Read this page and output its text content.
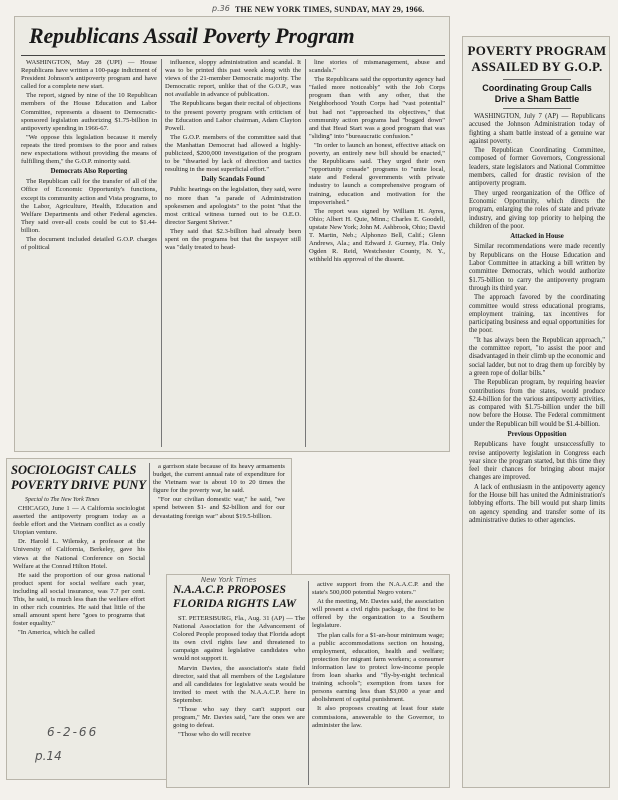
p.36 THE NEW YORK TIMES, SUNDAY, MAY 29, 1966.
Republicans Assail Poverty Program

WASHINGTON, May 28 (UPI) — House Republicans have written a 100-page indictment of President Johnson's antipoverty program and have called for a complete new start.

The report, signed by nine of the 10 Republican members of the House Education and Labor Committee, represents a dissent to Democratic-sponsored legislation authorizing $1.75-billion in antipoverty spending in 1966-67.

"We oppose this legislation because it merely repeats the tired promises to the poor and raises new expectations without providing the means of fulfilling them," the G.O.P. minority said.

Democrats Also Reporting

The Republican call for the transfer of all of the Office of Economic Opportunity's functions, except its community action and Vista programs, to the Labor, Agriculture, Health, Education and Welfare Departments and other Federal agencies. They said over-all costs could be cut to $1.44-billion.

The document included detailed G.O.P. charges of political

influence, sloppy administration and scandal. It was to be printed this past week along with the views of the 21-member Democratic majority. The Democratic report, unlike that of the G.O.P., was not available in advance of publication.

The Republicans began their recital of objections to the present poverty program with criticism of the Education and Labor chairman, Adam Clayton Powell.

The G.O.P. members of the committee said that the Manhattan Democrat had allowed a highly-publicized, $200,000 investigation of the program to be "thwarted by lack of direction and tactics resulting in the most superficial effort."

Daily Scandals Found

Public hearings on the legislation, they said, were no more than "a parade of Administration spokesmen and apologists" to the point "that the most critical witness turned out to be O.E.O. director Sargent Shriver."

They said that $2.3-billion had already been spent on the programs but that the taxpayer still was "daily treated to head-

line stories of mismanagement, abuse and scandals."

The Republicans said the opportunity agency had "failed more noticeably" with the Job Corps program than with any other, that the Neighborhood Youth Corps had "vast potential" but had not "approached its objectives," that community action programs had "bogged down" and that Head Start was a good program that was "sliding" into "bureaucratic confusion."

"In order to launch an honest, effective attack on poverty, an entirely new bill should be enacted," the Republicans said. They urged their own "opportunity crusade" programs to "unite local, state and Federal governments with private industry to launch a comprehensive program of training, education and motivation for the impoverished."

The report was signed by William H. Ayres, Ohio; Albert H. Quie, Minn.; Charles E. Goodell, upstate New York; John M. Ashbrook, Ohio; David T. Martin, Neb.; Alphonzo Bell, Calif.; Glenn Andrews, Ala.; and Edward J. Gurney, Fla. Only Ogden R. Reid, Westchester County, N. Y., withheld his approval of the dissent.

POVERTY PROGRAM
ASSAILED BY G.O.P.
Coordinating Group Calls
Drive a Sham Battle

WASHINGTON, July 7 (AP) — Republicans accused the Johnson Administration today of fighting a sham battle instead of a genuine war against poverty.

The Republican Coordinating Committee, composed of former Governors, Congressional leaders, state legislators and National Committee members, called for drastic revision of the antipoverty program.

They urged reorganization of the Office of Economic Opportunity, which directs the program, enlarging the roles of state and private industry, and giving top priority to helping the children of the poor.

Attacked in House

Similar recommendations were made recently by Republicans on the House Education and Labor Committee in attacking a bill written by committee Democrats, which would authorize $1.75-billion to carry the antipoverty program through its third year.

The approach favored by the coordinating committee would stress educational programs, employment training, tax incentives for participating business and equal opportunities for the poor.

"It has always been the Republican approach," the committee report, "to assist the poor and disadvantaged in their climb up the economic and social ladder, but not to drag them up forcibly by a green rope of dollar bills."

The Republican program, by requiring heavier contributions from the states, would produce $2.4-billion for the various antipoverty activities, as compared with $1.75-billion under the bill now before the House. The Federal commitment under the Republican bill would be $1.4-billion.

Previous Opposition

Republicans have fought unsuccessfully to revise antipoverty legislation in Congress each year since the program started, but this time they feel their chances for bringing about major changes are improved.

A lack of enthusiasm in the antipoverty agency for the House bill has united the Administration's lobbying efforts. The bill would put sharp limits on agency spending and transfer some of its administrative duties to other agencies.

SOCIOLOGIST CALLS
POVERTY DRIVE PUNY
Special to The New York Times

CHICAGO, June 1 — A California sociologist asserted the antipoverty program today as a feeble effort and the Vietnam conflict as a costly Utopian venture.

Dr. Harold L. Wilensky, a professor at the University of California, Berkeley, gave his views at the National Conference on Social Welfare at the Conrad Hilton Hotel.

He said the proportion of our gross national product spent for social welfare each year, including all social insurance, was 7.7 per cent. This, he said, is much less than the welfare effort in other rich countries. He said that little of the small amount spent here "goes to programs that foster equality."

"In America, which he called

a garrison state because of its heavy armaments budget, the current annual rate of expenditure for the Vietnam war is about 10 to 20 times the figure for the poverty war, he said.

"For our civilian domestic war," he said, "we spend between $1- and $2-billion and for our devastating foreign war" about $19.5-billion.

6-2-66
p.14
New York Times
N.A.A.C.P. PROPOSES
FLORIDA RIGHTS LAW

ST. PETERSBURG, Fla., Aug. 31 (AP) — The National Association for the Advancement of Colored People proposed today that Florida adopt its own civil rights law and threatened to campaign against legislative candidates who would not support it.

Marvin Davies, the association's state field director, said that all members of the Legislature and all candidates for legislative seats would be invited to meet with the N.A.A.C.P. here in September.

"Those who say they can't support our program," Mr. Davies said, "are the ones we are going to defeat.

"Those who do will receive

active support from the N.A.A.C.P. and the state's 500,000 potential Negro voters."

At the meeting, Mr. Davies said, the association will present a civil rights package, the first to be offered by the organization to a Southern legislature.

The plan calls for a $1-an-hour minimum wage; a public accommodations section on housing, employment, education, health and welfare; protection for migrant farm workers; a consumer information law to protect low-income people from loan sharks and "fly-by-night technical training schools"; exemption from taxes for persons earning less than $3,000 a year and abolishment of capital punishment.

It also proposes creating at least four state commissions, answerable to the Governor, to administer the law.
